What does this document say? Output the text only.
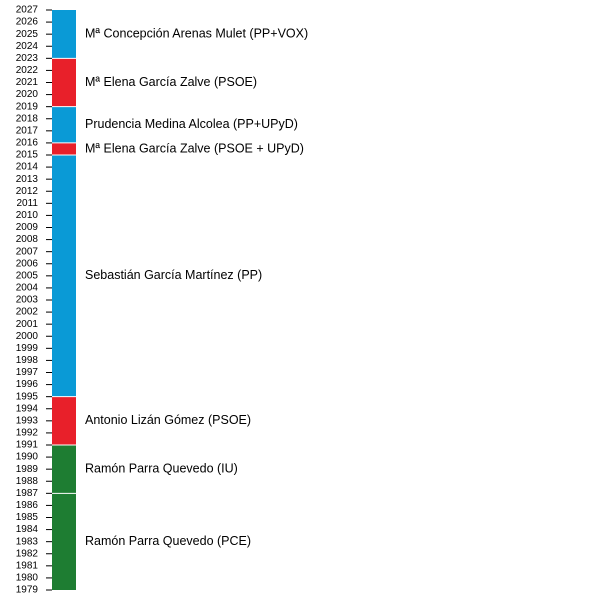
1979
1980
1981
1982
1983
1984
1985
1986
1987
1988
1989
1990
1991
1992
1993
1994
1995
1996
1997
1998
1999
2000
2001
2002
2003
2004
2005
2006
2007
2008
2009
2010
2011
2012
2013
2014
2015
2016
2017
2018
2019
2020
2021
2022
2023
2024
2025
2026
2027
Ramón Parra Quevedo (PCE)
Ramón Parra Quevedo (IU)
Antonio Lizán Gómez (PSOE)
Sebastián García Martínez (PP)
Mª Elena García Zalve (PSOE + UPyD)
Prudencia Medina Alcolea (PP+UPyD)
Mª Elena García Zalve (PSOE)
Mª Concepción Arenas Mulet (PP+VOX)
